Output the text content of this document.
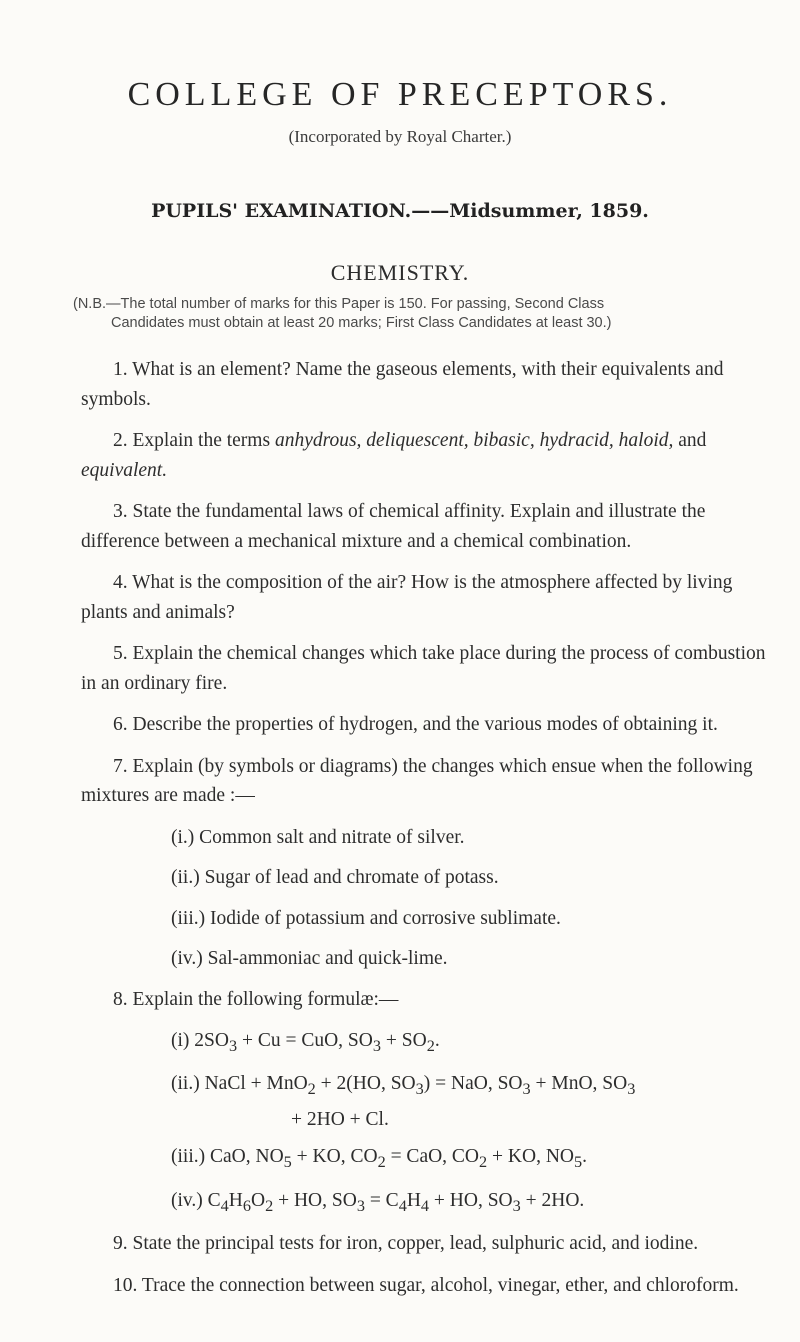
COLLEGE OF PRECEPTORS.
(Incorporated by Royal Charter.)
PUPILS' EXAMINATION.——Midsummer, 1859.
CHEMISTRY.
(N.B.—The total number of marks for this Paper is 150. For passing, Second Class
Candidates must obtain at least 20 marks; First Class Candidates at least 30.)

1. What is an element? Name the gaseous elements, with their equivalents and symbols.

2. Explain the terms anhydrous, deliquescent, bibasic, hydracid, haloid, and equivalent.

3. State the fundamental laws of chemical affinity. Explain and illustrate the difference between a mechanical mixture and a chemical combination.

4. What is the composition of the air? How is the atmosphere affected by living plants and animals?

5. Explain the chemical changes which take place during the process of combustion in an ordinary fire.

6. Describe the properties of hydrogen, and the various modes of obtaining it.

7. Explain (by symbols or diagrams) the changes which ensue when the following mixtures are made :—

(i.) Common salt and nitrate of silver.

(ii.) Sugar of lead and chromate of potass.

(iii.) Iodide of potassium and corrosive sublimate.

(iv.) Sal-ammoniac and quick-lime.

8. Explain the following formulæ:—

(i) $2SO_3 + Cu$ = CuO, $SO_3 + SO_2$.

(ii.) NaCl + MnO$_2$ + 2(HO, $SO_3$) = NaO, $SO_3$ + MnO, $SO_3$
+ 2HO + Cl.

(iii.) CaO, $NO_5$ + KO, $CO_2$ = CaO, $CO_2$ + KO, $NO_5$.

(iv.) $C_4H_6O_2$ + HO, $SO_3 = C_4H_4$ + HO, $SO_3 + 2HO$.

9. State the principal tests for iron, copper, lead, sulphuric acid, and iodine.

10. Trace the connection between sugar, alcohol, vinegar, ether, and chloroform.
